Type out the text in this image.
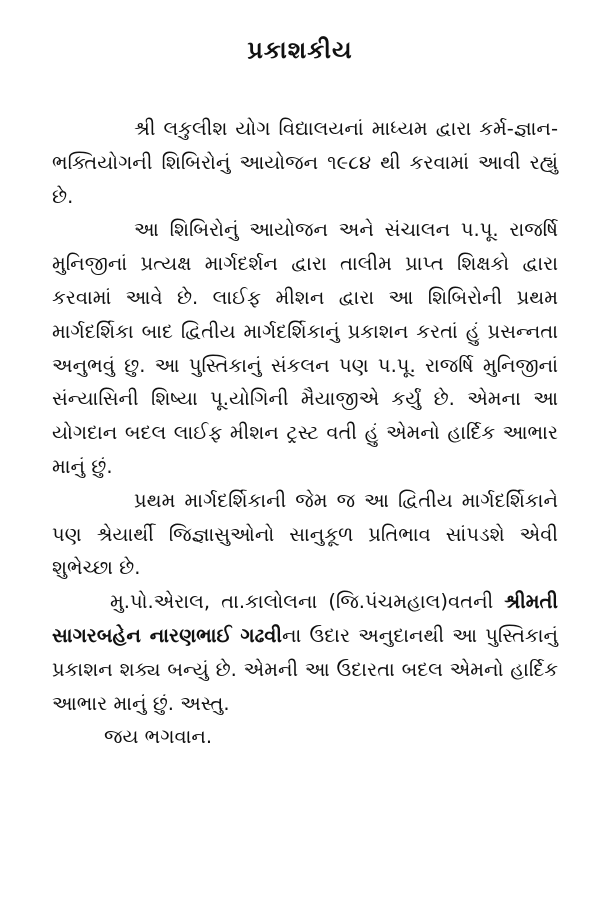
પ્રકાશકીય

શ્રી લકુલીશ યોગ વિદ્યાલયનાં માધ્યમ દ્વારા કર્મ-જ્ઞાન-ભક્તિયોગની શિબિરોનું આયોજન ૧૯૮૪ થી કરવામાં આવી રહ્યું છે.

આ શિબિરોનું આયોજન અને સંચાલન પ.પૂ. રાજર્ષિ મુનિજીનાં પ્રત્યક્ષ માર્ગદર્શન દ્વારા તાલીમ પ્રાપ્ત શિક્ષકો દ્વારા કરવામાં આવે છે. લાઈફ મીશન દ્વારા આ શિબિરોની પ્રથમ માર્ગદર્શિકા બાદ દ્વિતીય માર્ગદર્શિકાનું પ્રકાશન કરતાં હું પ્રસન્નતા અનુભવું છુ. આ પુસ્તિકાનું સંકલન પણ પ.પૂ. રાજર્ષિ મુનિજીનાં સંન્યાસિની શિષ્યા પૂ.યોગિની મૈયાજીએ કર્યું છે. એમના આ યોગદાન બદલ લાઈફ મીશન ટ્રસ્ટ વતી હું એમનો હાર્દિક આભાર માનું છું.

પ્રથમ માર્ગદર્શિકાની જેમ જ આ દ્વિતીય માર્ગદર્શિકાને પણ શ્રેયાર્થી જિજ્ઞાસુઓનો સાનુકૂળ પ્રતિભાવ સાંપડશે એવી શુભેચ્છા છે.

મુ.પો.એરાલ, તા.કાલોલના (જિ.પંચમહાલ)વતની શ્રીમતી સાગરબહેન નારણભાઈ ગઢવીના ઉદાર અનુદાનથી આ પુસ્તિકાનું પ્રકાશન શક્ય બન્યું છે. એમની આ ઉદારતા બદલ એમનો હાર્દિક આભાર માનું છું. અસ્તુ.

જય ભગવાન.
